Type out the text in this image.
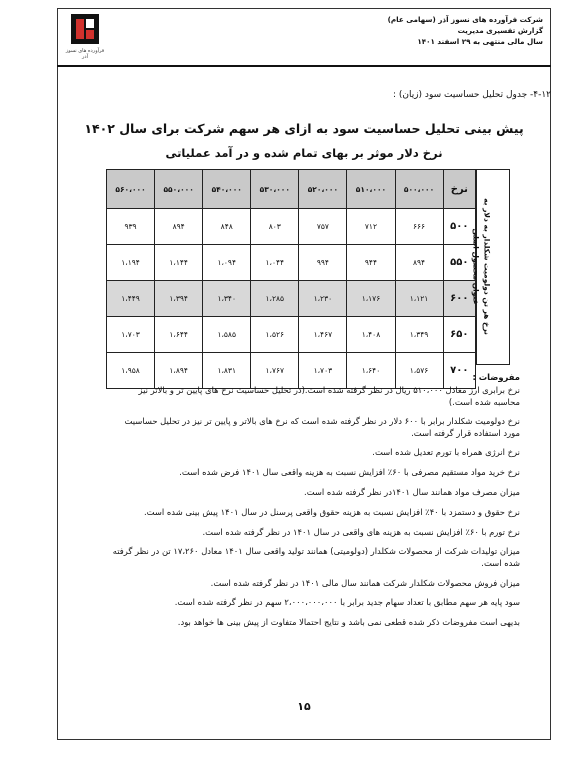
فرآورده های نسوز آذر
شرکت فرآورده های نسوز آذر (سهامی عام)
گزارش تفسیری مدیریت
سال مالی منتهی به ۲۹ اسفند ۱۴۰۱
۴-۱۲- جدول تحلیل حساسیت سود (زیان) :
پیش بینی تحلیل حساسیت سود به ازای هر سهم شرکت برای سال ۱۴۰۲
نرخ دلار موثر بر بهای تمام شده و در آمد عملیاتی
نرخ	۵۰۰،۰۰۰	۵۱۰،۰۰۰	۵۲۰،۰۰۰	۵۳۰،۰۰۰	۵۴۰،۰۰۰	۵۵۰،۰۰۰	۵۶۰،۰۰۰
۵۰۰	۶۶۶	۷۱۲	۷۵۷	۸۰۳	۸۴۸	۸۹۴	۹۳۹
۵۵۰	۸۹۴	۹۴۴	۹۹۴	۱،۰۴۴	۱،۰۹۴	۱،۱۴۴	۱،۱۹۴
۶۰۰	۱،۱۲۱	۱،۱۷۶	۱،۲۳۰	۱،۲۸۵	۱،۳۴۰	۱،۳۹۴	۱،۴۴۹
۶۵۰	۱،۳۴۹	۱،۴۰۸	۱،۴۶۷	۱،۵۲۶	۱،۵۸۵	۱،۶۴۴	۱،۷۰۳
۷۰۰	۱،۵۷۶	۱،۶۴۰	۱،۷۰۳	۱،۷۶۷	۱،۸۳۱	۱،۸۹۴	۱،۹۵۸
نرخ هر تن دولومیت شکلدار به دلار به
عنوان محصول اصلی
مفروضات :

نرخ برابری ارز معادل ۵۱۰،۰۰۰ ریال در نظر گرفته شده است.(در تحلیل حساسیت نرخ های پایین تر و بالاتر نیز محاسبه شده است.)

نرخ دولومیت شکلدار برابر با ۶۰۰ دلار در نظر گرفته شده است که نرخ های بالاتر و پایین تر نیز در تحلیل حساسیت مورد استفاده قرار گرفته است.

نرخ انرژی همراه با تورم تعدیل شده است.

نرخ خرید مواد مستقیم مصرفی با ۶۰٪ افزایش نسبت به هزینه واقعی سال ۱۴۰۱ فرض شده است.

میزان مصرف مواد همانند سال ۱۴۰۱در نظر گرفته شده است.

نرخ حقوق و دستمزد با ۴۰٪ افزایش نسبت به هزینه حقوق واقعی پرسنل در سال ۱۴۰۱ پیش بینی شده است.

نرخ تورم با ۶۰٪ افزایش نسبت به هزینه های واقعی در سال ۱۴۰۱ در نظر گرفته شده است.

میزان تولیدات شرکت از محصولات شکلدار (دولومیتی) همانند تولید واقعی سال ۱۴۰۱ معادل ۱۷،۲۶۰ تن در نظر گرفته شده است.

میزان فروش محصولات شکلدار شرکت همانند سال مالی ۱۴۰۱ در نظر گرفته شده است.

سود پایه هر سهم مطابق با تعداد سهام جدید برابر با ۲،۰۰۰،۰۰۰،۰۰۰ سهم در نظر گرفته شده است.

بدیهی است مفروضات ذکر شده قطعی نمی باشد و نتایج احتمالا متفاوت از پیش بینی ها خواهد بود.

۱۵
